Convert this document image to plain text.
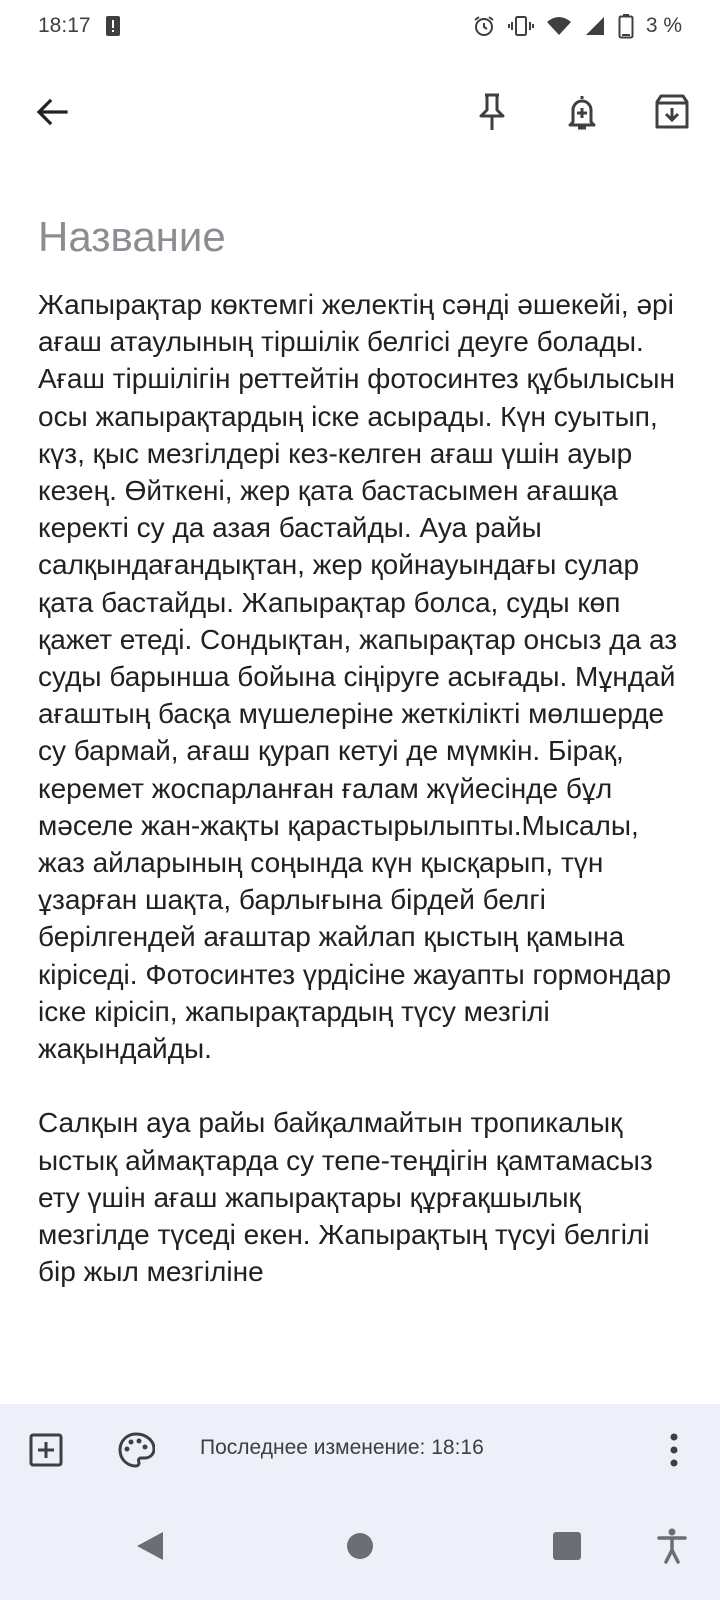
18:17	3 %
Название

Жапырақтар көктемгі желектің сәнді әшекейі, әрі ағаш атаулының тіршілік белгісі деуге болады. Ағаш тіршілігін реттейтін фотосинтез құбылысын осы жапырақтардың іске асырады. Күн суытып, күз, қыс мезгілдері кез-келген ағаш үшін ауыр кезең. Өйткені, жер қата бастасымен ағашқа керекті су да азая бастайды. Ауа райы салқындағандықтан, жер қойнауындағы сулар қата бастайды. Жапырақтар болса, суды көп қажет етеді. Сондықтан, жапырақтар онсыз да аз суды барынша бойына сіңіруге асығады. Мұндай ағаштың басқа мүшелеріне жеткілікті мөлшерде су бармай, ағаш қурап кетуі де мүмкін. Бірақ, керемет жоспарланған ғалам жүйесінде бұл мәселе жан-жақты қарастырылыпты.Мысалы, жаз айларының соңында күн қысқарып, түн ұзарған шақта, барлығына бірдей белгі берілгендей ағаштар жайлап қыстың қамына кіріседі. Фотосинтез үрдісіне жауапты гормондар іске кірісіп, жапырақтардың түсу мезгілі жақындайды.

Салқын ауа райы байқалмайтын тропикалық ыстық аймақтарда су тепе-теңдігін қамтамасыз ету үшін ағаш жапырақтары құрғақшылық мезгілде түседі екен. Жапырақтың түсуі белгілі бір жыл мезгіліне

Последнее изменение: 18:16
